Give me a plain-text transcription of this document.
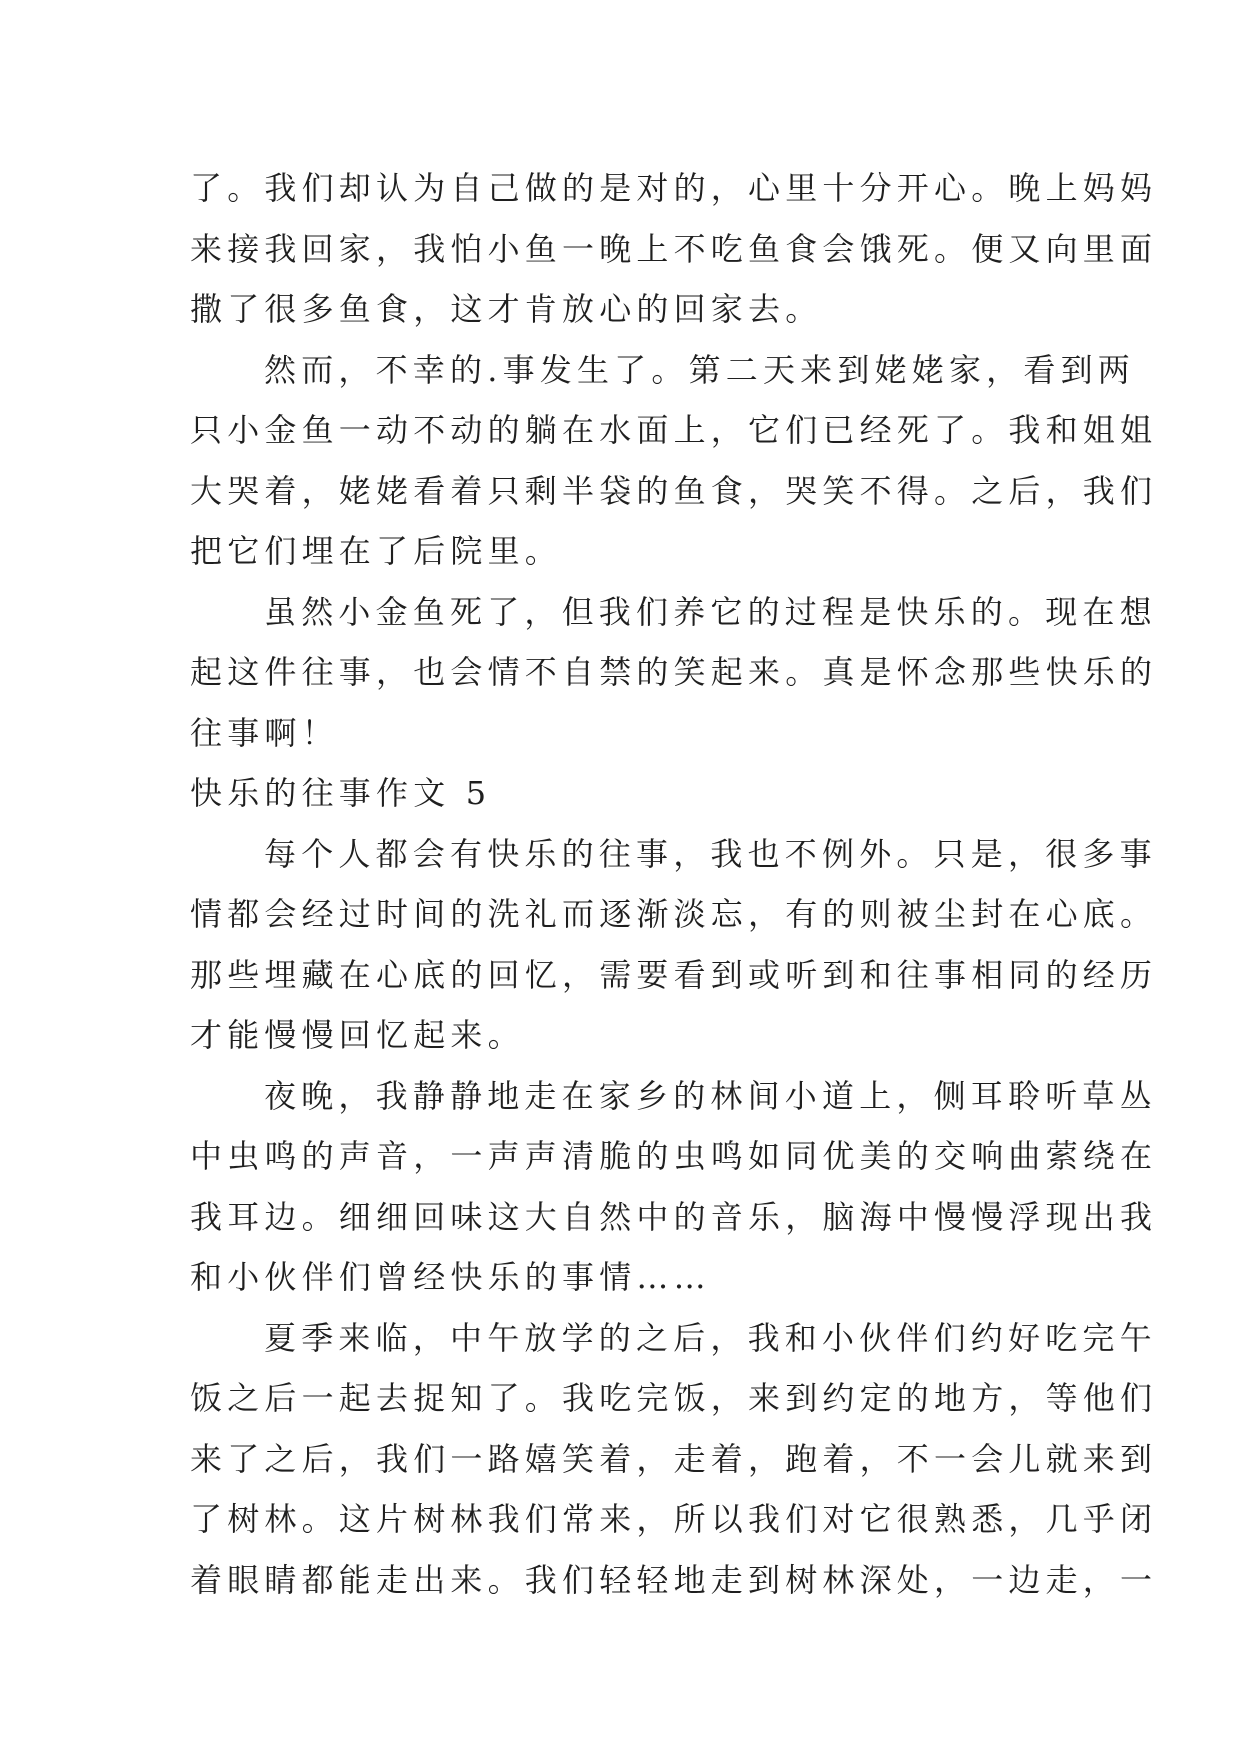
了。我们却认为自己做的是对的，心里十分开心。晚上妈妈
来接我回家，我怕小鱼一晚上不吃鱼食会饿死。便又向里面
撒了很多鱼食，这才肯放心的回家去。
然而，不幸的.事发生了。第二天来到姥姥家，看到两
只小金鱼一动不动的躺在水面上，它们已经死了。我和姐姐
大哭着，姥姥看着只剩半袋的鱼食，哭笑不得。之后，我们
把它们埋在了后院里。
虽然小金鱼死了，但我们养它的过程是快乐的。现在想
起这件往事，也会情不自禁的笑起来。真是怀念那些快乐的
往事啊！
快乐的往事作文 5
每个人都会有快乐的往事，我也不例外。只是，很多事
情都会经过时间的洗礼而逐渐淡忘，有的则被尘封在心底。
那些埋藏在心底的回忆，需要看到或听到和往事相同的经历
才能慢慢回忆起来。
夜晚，我静静地走在家乡的林间小道上，侧耳聆听草丛
中虫鸣的声音，一声声清脆的虫鸣如同优美的交响曲萦绕在
我耳边。细细回味这大自然中的音乐，脑海中慢慢浮现出我
和小伙伴们曾经快乐的事情……
夏季来临，中午放学的之后，我和小伙伴们约好吃完午
饭之后一起去捉知了。我吃完饭，来到约定的地方，等他们
来了之后，我们一路嬉笑着，走着，跑着，不一会儿就来到
了树林。这片树林我们常来，所以我们对它很熟悉，几乎闭
着眼睛都能走出来。我们轻轻地走到树林深处，一边走，一
